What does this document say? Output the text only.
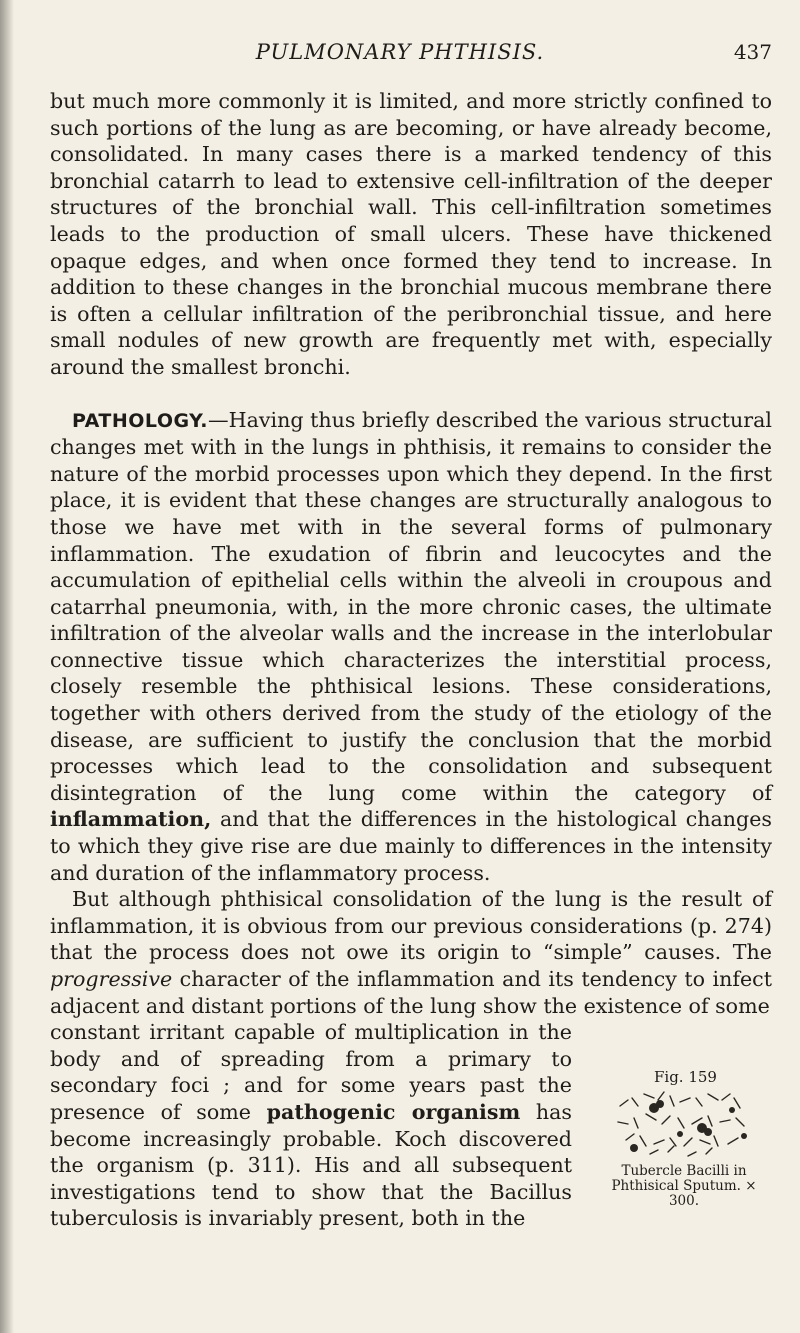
PULMONARY PHTHISIS.	437

but much more commonly it is limited, and more strictly confined to such portions of the lung as are becoming, or have already become, consolidated. In many cases there is a marked tendency of this bronchial catarrh to lead to extensive cell-infiltration of the deeper structures of the bronchial wall. This cell-infiltration sometimes leads to the production of small ulcers. These have thickened opaque edges, and when once formed they tend to increase. In addition to these changes in the bronchial mucous membrane there is often a cellular infiltration of the peribronchial tissue, and here small nodules of new growth are frequently met with, especially around the smallest bronchi.

PATHOLOGY.—Having thus briefly described the various structural changes met with in the lungs in phthisis, it remains to consider the nature of the morbid processes upon which they depend. In the first place, it is evident that these changes are structurally analogous to those we have met with in the several forms of pulmonary inflammation. The exudation of fibrin and leucocytes and the accumulation of epithelial cells within the alveoli in croupous and catarrhal pneumonia, with, in the more chronic cases, the ultimate infiltration of the alveolar walls and the increase in the interlobular connective tissue which characterizes the interstitial process, closely resemble the phthisical lesions. These considerations, together with others derived from the study of the etiology of the disease, are sufficient to justify the conclusion that the morbid processes which lead to the consolidation and subsequent disintegration of the lung come within the category of inflammation, and that the differences in the histological changes to which they give rise are due mainly to differences in the intensity and duration of the inflammatory process.

But although phthisical consolidation of the lung is the result of inflammation, it is obvious from our previous considerations (p. 274) that the process does not owe its origin to “simple” causes. The progressive character of the inflammation and its tendency to infect adjacent and distant portions of the lung show the existence of some

constant irritant capable of multiplication in the body and of spreading from a primary to secondary foci ; and for some years past the presence of some pathogenic organism has become increasingly probable. Koch discovered the organism (p. 311). His and all subsequent investigations tend to show that the Bacillus tuberculosis is invariably present, both in the

Fig. 159
Tubercle Bacilli in Phthisical Sputum. × 300.
